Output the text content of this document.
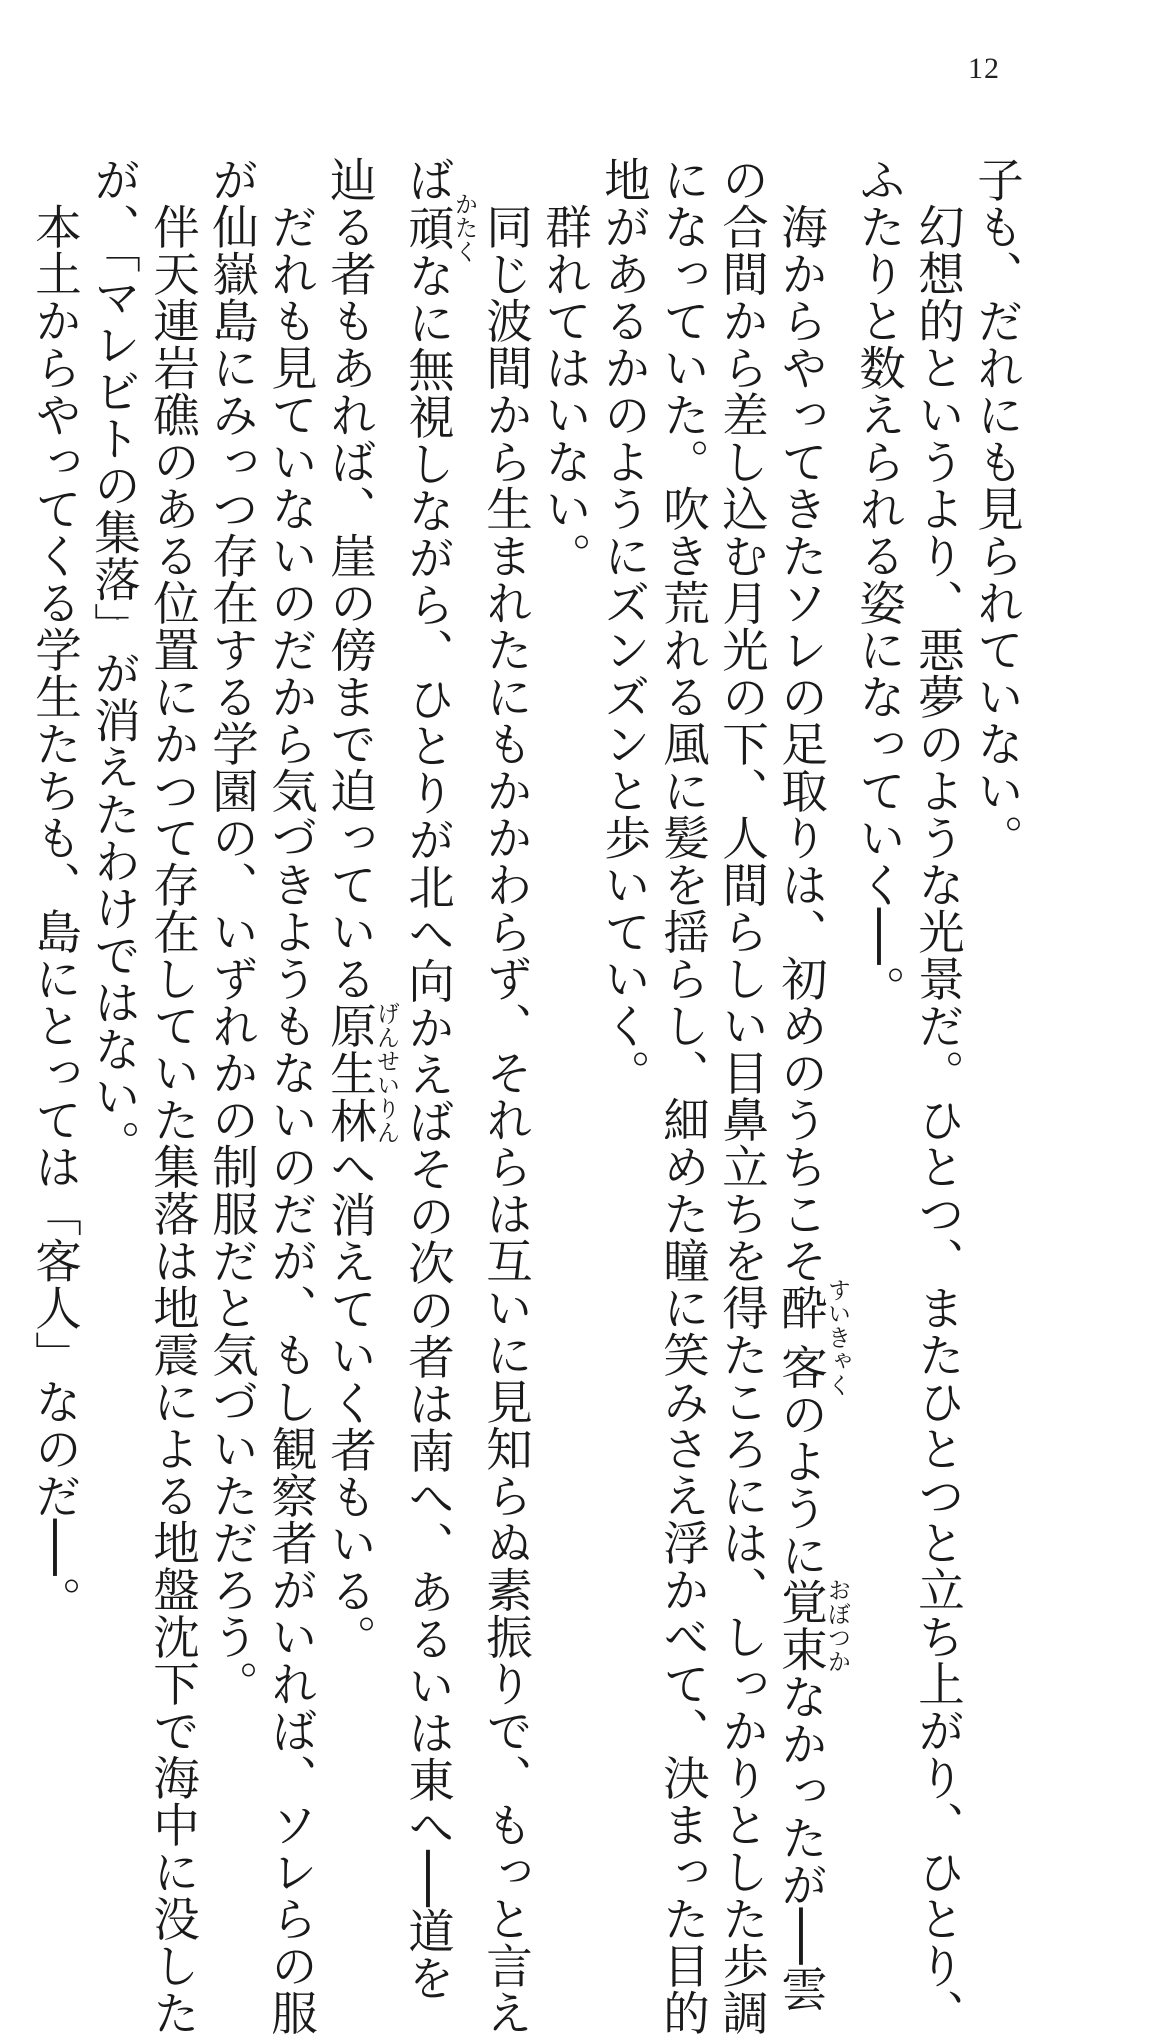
12

子も、だれにも見られていない。

幻想的というより、悪夢のような光景だ。ひとつ、またひとつと立ち上がり、ひとり、

ふたりと数えられる姿になっていく──。

海からやってきたソレの足取りは、初めのうちこそ酔客すいきゃくのように覚束おぼつかなかったが──雲

の合間から差し込む月光の下、人間らしい目鼻立ちを得たころには、しっかりとした歩調

になっていた。吹き荒れる風に髪を揺らし、細めた瞳に笑みさえ浮かべて、決まった目的

地があるかのようにズンズンと歩いていく。

群れてはいない。

同じ波間から生まれたにもかかわらず、それらは互いに見知らぬ素振りで、もっと言え

ば頑かたくなに無視しながら、ひとりが北へ向かえばその次の者は南へ、あるいは東へ──道を

辿る者もあれば、崖の傍まで迫っている原生林げんせいりんへ消えていく者もいる。

だれも見ていないのだから気づきようもないのだが、もし観察者がいれば、ソレらの服

が仙嶽島にみっつ存在する学園の、いずれかの制服だと気づいただろう。

伴天連岩礁のある位置にかつて存在していた集落は地震による地盤沈下で海中に没した

が、「マレビトの集落」が消えたわけではない。

本土からやってくる学生たちも、島にとっては「客人」なのだ──。
